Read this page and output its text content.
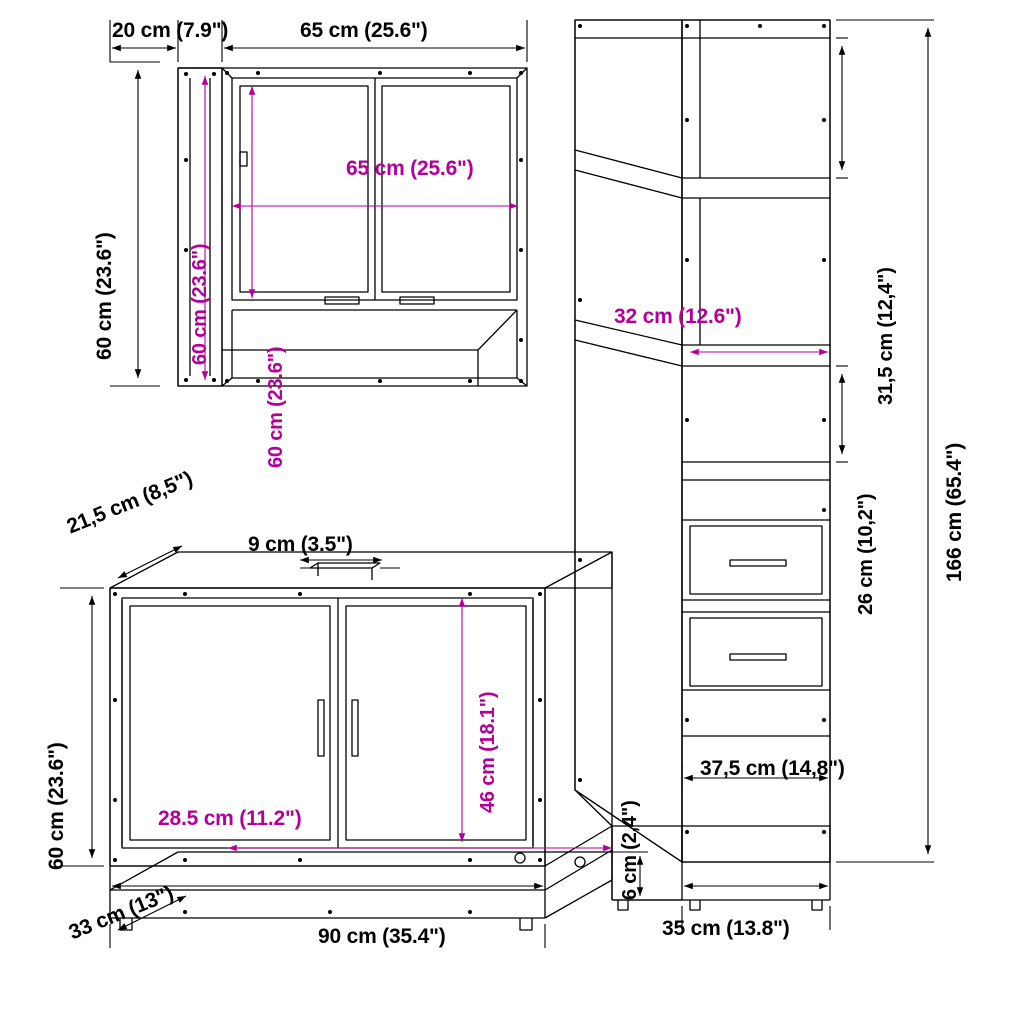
20 cm (7.9")	65 cm (25.6")
60 cm (23.6")	60 cm (23.6")
65 cm (25.6")
60 cm (23.6")
166 cm (65.4")
31,5 cm (12,4")
26 cm (10,2")
32 cm (12.6")
37,5 cm (14,8")
35 cm (13.8")
21,5 cm (8,5")
9 cm (3.5")
60 cm (23.6")	46 cm (18.1")
28.5 cm (11.2")
90 cm (35.4")
33 cm (13")
6 cm (2,4")
